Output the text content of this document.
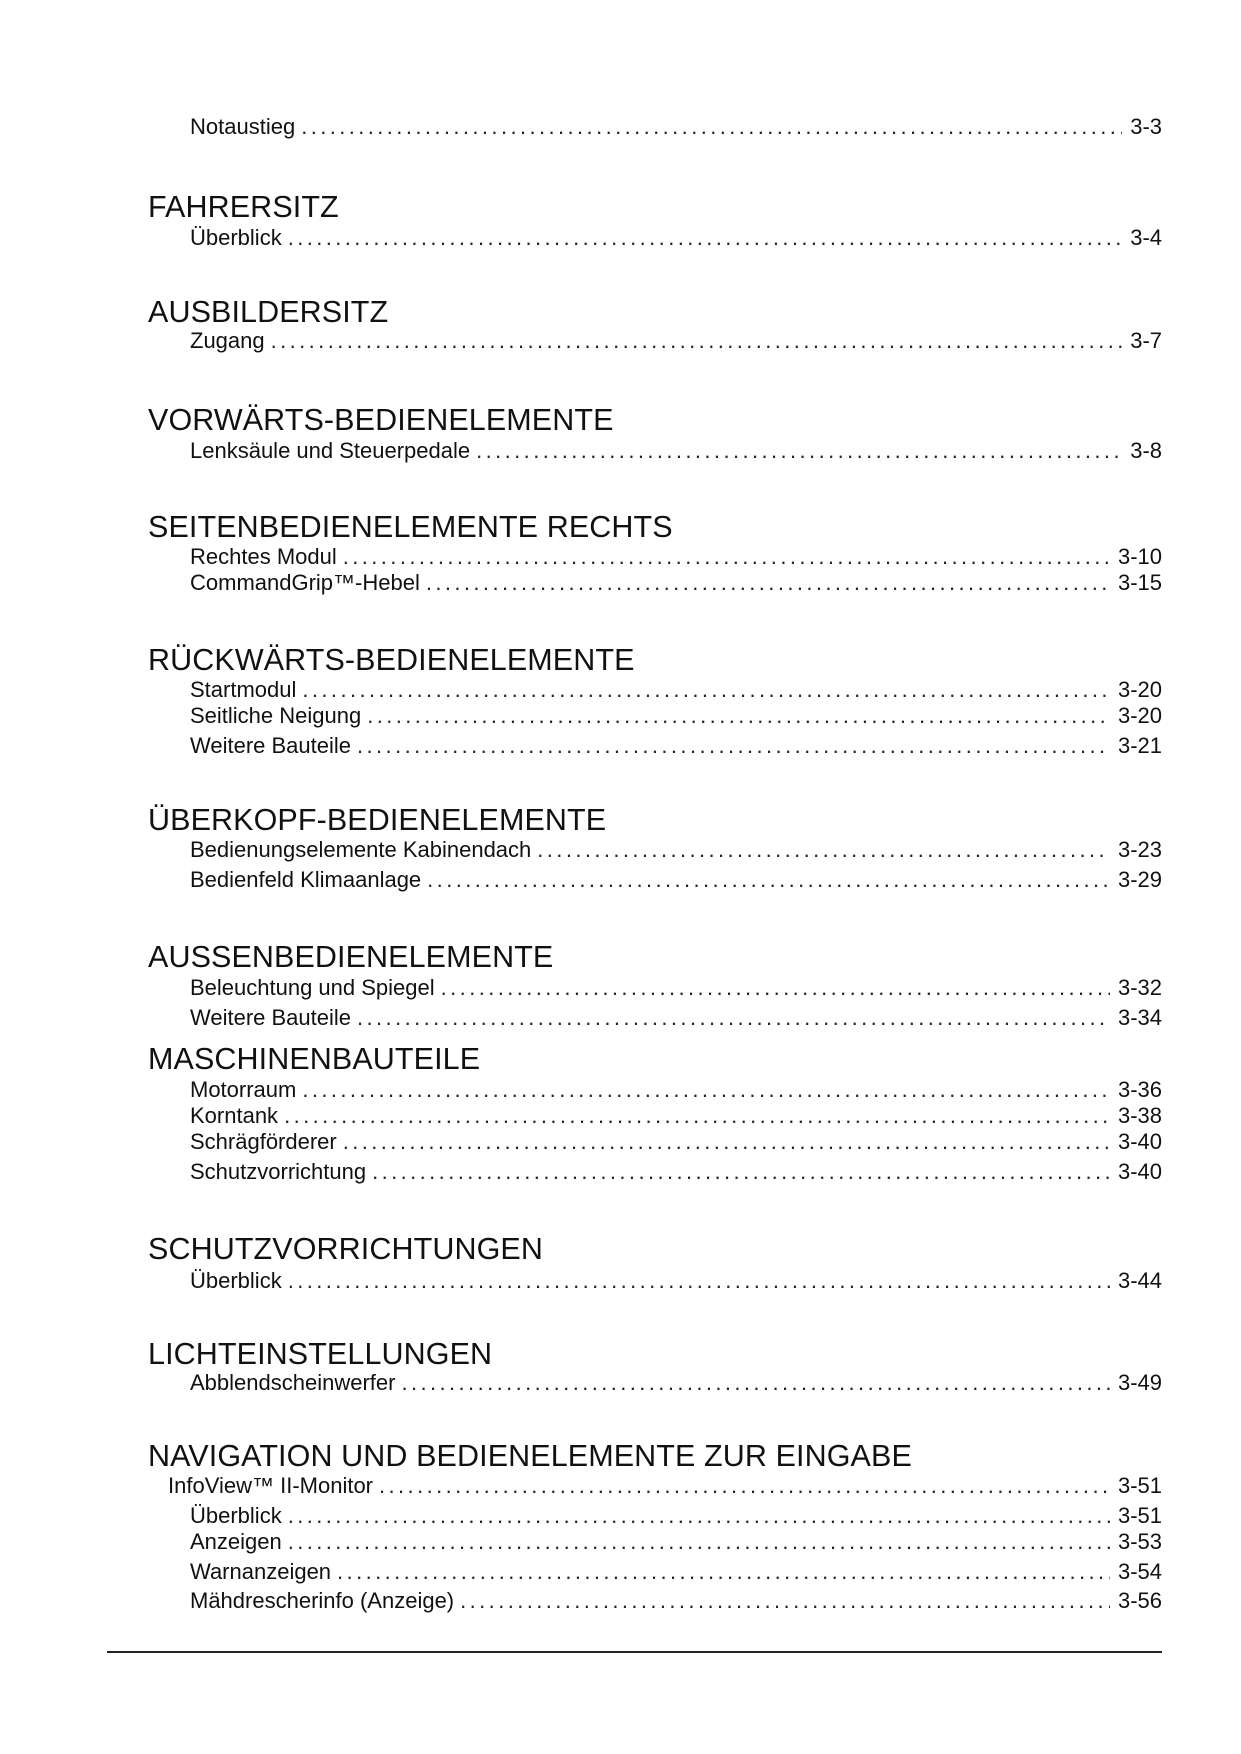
Notaustieg .....	3-3
FAHRERSITZ
Überblick .....	3-4
AUSBILDERSITZ
Zugang .....	3-7
VORWÄRTS-BEDIENELEMENTE
Lenksäule und Steuerpedale .....	3-8
SEITENBEDIENELEMENTE RECHTS
Rechtes Modul .....	3-10
CommandGrip™-Hebel .....	3-15
RÜCKWÄRTS-BEDIENELEMENTE
Startmodul .....	3-20
Seitliche Neigung .....	3-20
Weitere Bauteile .....	3-21
ÜBERKOPF-BEDIENELEMENTE
Bedienungselemente Kabinendach .....	3-23
Bedienfeld Klimaanlage .....	3-29
AUSSENBEDIENELEMENTE
Beleuchtung und Spiegel .....	3-32
Weitere Bauteile .....	3-34
MASCHINENBAUTEILE
Motorraum .....	3-36
Korntank .....	3-38
Schrägförderer .....	3-40
Schutzvorrichtung .....	3-40
SCHUTZVORRICHTUNGEN
Überblick .....	3-44
LICHTEINSTELLUNGEN
Abblendscheinwerfer .....	3-49
NAVIGATION UND BEDIENELEMENTE ZUR EINGABE
InfoView™ II-Monitor .....	3-51
Überblick .....	3-51
Anzeigen .....	3-53
Warnanzeigen .....	3-54
Mähdrescherinfo (Anzeige) .....	3-56
